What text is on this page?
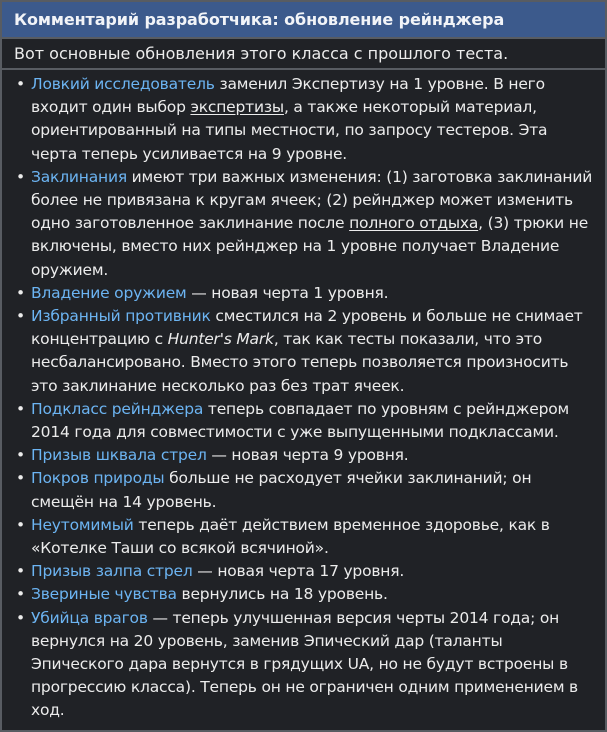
Комментарий разработчика: обновление рейнджера
Вот основные обновления этого класса с прошлого теста.
• Ловкий исследователь заменил Экспертизу на 1 уровне. В него входит один выбор экспертизы, а также некоторый материал, ориентированный на типы местности, по запросу тестеров. Эта черта теперь усиливается на 9 уровне.
• Заклинания имеют три важных изменения: (1) заготовка заклинаний более не привязана к кругам ячеек; (2) рейнджер может изменить одно заготовленное заклинание после полного отдыха, (3) трюки не включены, вместо них рейнджер на 1 уровне получает Владение оружием.
• Владение оружием — новая черта 1 уровня.
• Избранный противник сместился на 2 уровень и больше не снимает концентрацию с Hunter's Mark, так как тесты показали, что это несбалансировано. Вместо этого теперь позволяется произносить это заклинание несколько раз без трат ячеек.
• Подкласс рейнджера теперь совпадает по уровням с рейнджером 2014 года для совместимости с уже выпущенными подклассами.
• Призыв шквала стрел — новая черта 9 уровня.
• Покров природы больше не расходует ячейки заклинаний; он смещён на 14 уровень.
• Неутомимый теперь даёт действием временное здоровье, как в «Котелке Таши со всякой всячиной».
• Призыв залпа стрел — новая черта 17 уровня.
• Звериные чувства вернулись на 18 уровень.
• Убийца врагов — теперь улучшенная версия черты 2014 года; он вернулся на 20 уровень, заменив Эпический дар (таланты Эпического дара вернутся в грядущих UA, но не будут встроены в прогрессию класса). Теперь он не ограничен одним применением в ход.
